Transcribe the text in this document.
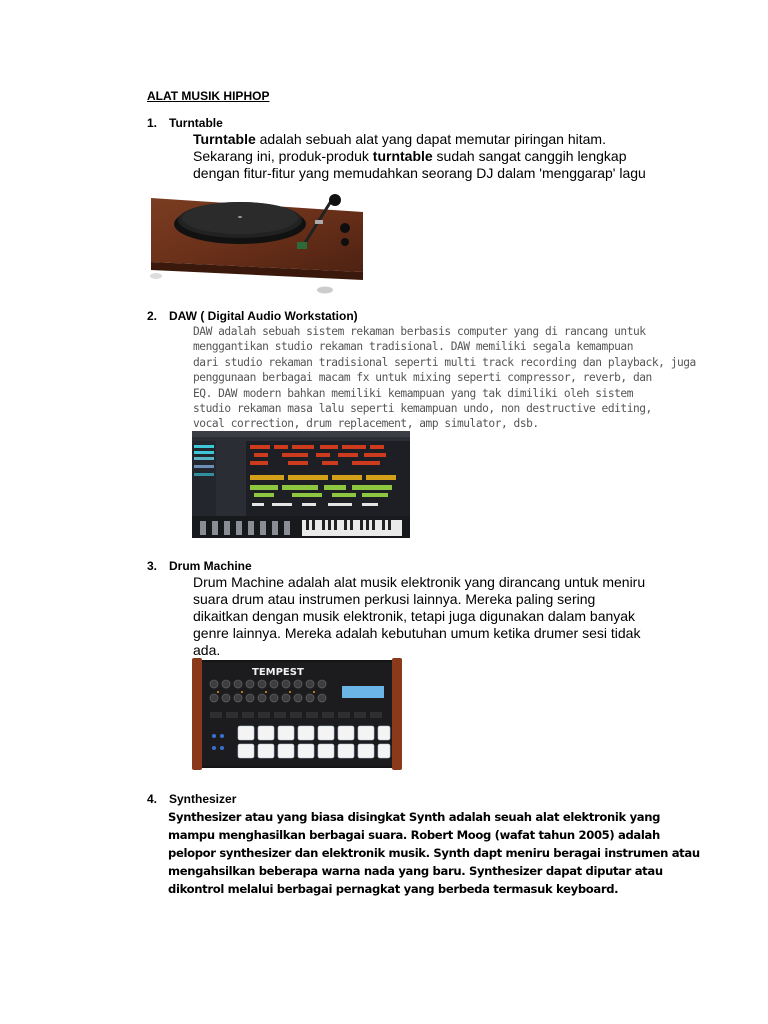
ALAT MUSIK HIPHOP
1. Turntable

Turntable adalah sebuah alat yang dapat memutar piringan hitam.

Sekarang ini, produk-produk turntable sudah sangat canggih lengkap

dengan fitur-fitur yang memudahkan seorang DJ dalam 'menggarap' lagu

2. DAW ( Digital Audio Workstation)

DAW adalah sebuah sistem rekaman berbasis computer yang di rancang untuk

menggantikan studio rekaman tradisional. DAW memiliki segala kemampuan

dari studio rekaman tradisional seperti multi track recording dan playback, juga

penggunaan berbagai macam fx untuk mixing seperti compressor, reverb, dan

EQ. DAW modern bahkan memiliki kemampuan yang tak dimiliki oleh sistem

studio rekaman masa lalu seperti kemampuan undo, non destructive editing,

vocal correction, drum replacement, amp simulator, dsb.

3. Drum Machine

Drum Machine adalah alat musik elektronik yang dirancang untuk meniru

suara drum atau instrumen perkusi lainnya. Mereka paling sering

dikaitkan dengan musik elektronik, tetapi juga digunakan dalam banyak

genre lainnya. Mereka adalah kebutuhan umum ketika drumer sesi tidak

ada.

TEMPEST
4. Synthesizer

Synthesizer atau yang biasa disingkat Synth adalah seuah alat elektronik yang

mampu menghasilkan berbagai suara. Robert Moog (wafat tahun 2005) adalah

pelopor synthesizer dan elektronik musik. Synth dapt meniru beragai instrumen atau

mengahsilkan beberapa warna nada yang baru. Synthesizer dapat diputar atau

dikontrol melalui berbagai pernagkat yang berbeda termasuk keyboard.
